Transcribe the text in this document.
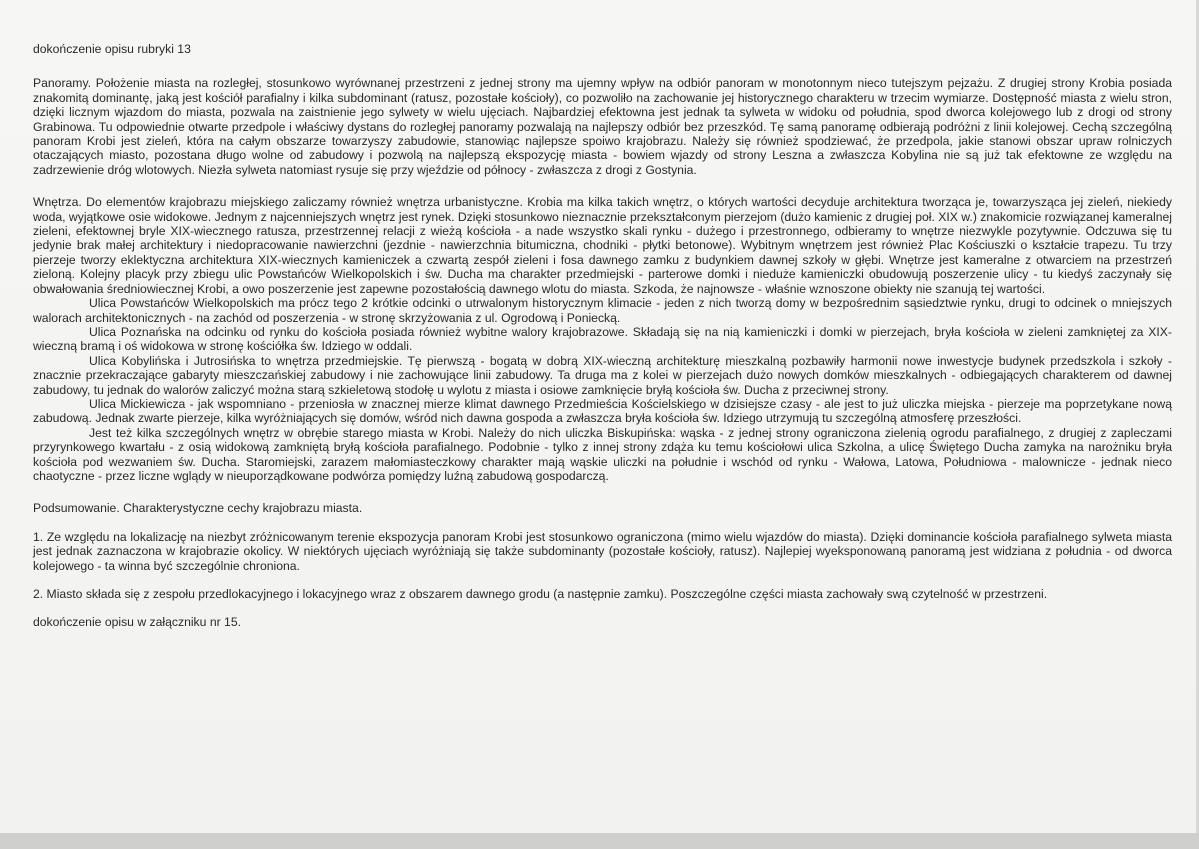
dokończenie opisu rubryki 13

Panoramy. Położenie miasta na rozległej, stosunkowo wyrównanej przestrzeni z jednej strony ma ujemny wpływ na odbiór panoram w monotonnym nieco tutejszym pejzażu. Z drugiej strony Krobia posiada znakomitą dominantę, jaką jest kościół parafialny i kilka subdominant (ratusz, pozostałe kościoły), co pozwoliło na zachowanie jej historycznego charakteru w trzecim wymiarze. Dostępność miasta z wielu stron, dzięki licznym wjazdom do miasta, pozwala na zaistnienie jego sylwety w wielu ujęciach. Najbardziej efektowna jest jednak ta sylweta w widoku od południa, spod dworca kolejowego lub z drogi od strony Grabinowa. Tu odpowiednie otwarte przedpole i właściwy dystans do rozległej panoramy pozwalają na najlepszy odbiór bez przeszkód. Tę samą panoramę odbierają podróżni z linii kolejowej. Cechą szczególną panoram Krobi jest zieleń, która na całym obszarze towarzyszy zabudowie, stanowiąc najlepsze spoiwo krajobrazu. Należy się również spodziewać, że przedpola, jakie stanowi obszar upraw rolniczych otaczających miasto, pozostana długo wolne od zabudowy i pozwolą na najlepszą ekspozycję miasta - bowiem wjazdy od strony Leszna a zwłaszcza Kobylina nie są już tak efektowne ze względu na zadrzewienie dróg wlotowych. Niezła sylweta natomiast rysuje się przy wjeździe od północy - zwłaszcza z drogi z Gostynia.

Wnętrza. Do elementów krajobrazu miejskiego zaliczamy również wnętrza urbanistyczne. Krobia ma kilka takich wnętrz, o których wartości decyduje architektura tworząca je, towarzysząca jej zieleń, niekiedy woda, wyjątkowe osie widokowe. Jednym z najcenniejszych wnętrz jest rynek. Dzięki stosunkowo nieznacznie przekształconym pierzejom (dużo kamienic z drugiej poł. XIX w.) znakomicie rozwiązanej kameralnej zieleni, efektownej bryle XIX-wiecznego ratusza, przestrzennej relacji z wieżą kościoła - a nade wszystko skali rynku - dużego i przestronnego, odbieramy to wnętrze niezwykle pozytywnie. Odczuwa się tu jedynie brak małej architektury i niedopracowanie nawierzchni (jezdnie - nawierzchnia bitumiczna, chodniki - płytki betonowe). Wybitnym wnętrzem jest również Plac Kościuszki o kształcie trapezu. Tu trzy pierzeje tworzy eklektyczna architektura XIX-wiecznych kamieniczek a czwartą zespół zieleni i fosa dawnego zamku z budynkiem dawnej szkoły w głębi. Wnętrze jest kameralne z otwarciem na przestrzeń zieloną. Kolejny placyk przy zbiegu ulic Powstańców Wielkopolskich i św. Ducha ma charakter przedmiejski - parterowe domki i nieduże kamieniczki obudowują poszerzenie ulicy - tu kiedyś zaczynały się obwałowania średniowiecznej Krobi, a owo poszerzenie jest zapewne pozostałością dawnego wlotu do miasta. Szkoda, że najnowsze - właśnie wznoszone obiekty nie szanują tej wartości.

Ulica Powstańców Wielkopolskich ma prócz tego 2 krótkie odcinki o utrwalonym historycznym klimacie - jeden z nich tworzą domy w bezpośrednim sąsiedztwie rynku, drugi to odcinek o mniejszych walorach architektonicznych - na zachód od poszerzenia - w stronę skrzyżowania z ul. Ogrodową i Poniecką.

Ulica Poznańska na odcinku od rynku do kościoła posiada również wybitne walory krajobrazowe. Składają się na nią kamieniczki i domki w pierzejach, bryła kościoła w zieleni zamkniętej za XIX-wieczną bramą i oś widokowa w stronę kościółka św. Idziego w oddali.

Ulica Kobylińska i Jutrosińska to wnętrza przedmiejskie. Tę pierwszą - bogatą w dobrą XIX-wieczną architekturę mieszkalną pozbawiły harmonii nowe inwestycje budynek przedszkola i szkoły - znacznie przekraczające gabaryty mieszczańskiej zabudowy i nie zachowujące linii zabudowy. Ta druga ma z kolei w pierzejach dużo nowych domków mieszkalnych - odbiegających charakterem od dawnej zabudowy, tu jednak do walorów zaliczyć można starą szkieletową stodołę u wylotu z miasta i osiowe zamknięcie bryłą kościoła św. Ducha z przeciwnej strony.

Ulica Mickiewicza - jak wspomniano - przeniosła w znacznej mierze klimat dawnego Przedmieścia Kościelskiego w dzisiejsze czasy - ale jest to już uliczka miejska - pierzeje ma poprzetykane nową zabudową. Jednak zwarte pierzeje, kilka wyróżniających się domów, wśród nich dawna gospoda a zwłaszcza bryła kościoła św. Idziego utrzymują tu szczególną atmosferę przeszłości.

Jest też kilka szczególnych wnętrz w obrębie starego miasta w Krobi. Należy do nich uliczka Biskupińska: wąska - z jednej strony ograniczona zielenią ogrodu parafialnego, z drugiej z zapleczami przyrynkowego kwartału - z osią widokową zamkniętą bryłą kościoła parafialnego. Podobnie - tylko z innej strony zdąża ku temu kościołowi ulica Szkolna, a ulicę Świętego Ducha zamyka na narożniku bryła kościoła pod wezwaniem św. Ducha. Staromiejski, zarazem małomiasteczkowy charakter mają wąskie uliczki na południe i wschód od rynku - Wałowa, Latowa, Południowa - malownicze - jednak nieco chaotyczne - przez liczne wglądy w nieuporządkowane podwórza pomiędzy luźną zabudową gospodarczą.

Podsumowanie. Charakterystyczne cechy krajobrazu miasta.

1. Ze względu na lokalizację na niezbyt zróżnicowanym terenie ekspozycja panoram Krobi jest stosunkowo ograniczona (mimo wielu wjazdów do miasta). Dzięki dominancie kościoła parafialnego sylweta miasta jest jednak zaznaczona w krajobrazie okolicy. W niektórych ujęciach wyróżniają się także subdominanty (pozostałe kościoły, ratusz). Najlepiej wyeksponowaną panoramą jest widziana z południa - od dworca kolejowego - ta winna być szczególnie chroniona.

2. Miasto składa się z zespołu przedlokacyjnego i lokacyjnego wraz z obszarem dawnego grodu (a następnie zamku). Poszczególne części miasta zachowały swą czytelność w przestrzeni.

dokończenie opisu w załączniku nr 15.
